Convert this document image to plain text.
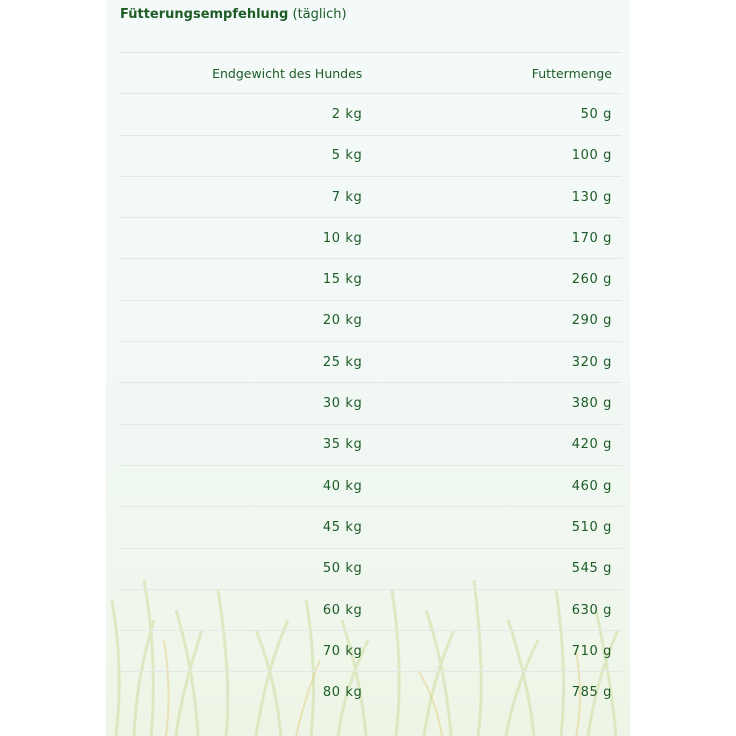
Fütterungsempfehlung (täglich)
Endgewicht des Hundes	Futtermenge
2 kg	50 g
5 kg	100 g
7 kg	130 g
10 kg	170 g
15 kg	260 g
20 kg	290 g
25 kg	320 g
30 kg	380 g
35 kg	420 g
40 kg	460 g
45 kg	510 g
50 kg	545 g
60 kg	630 g
70 kg	710 g
80 kg	785 g
